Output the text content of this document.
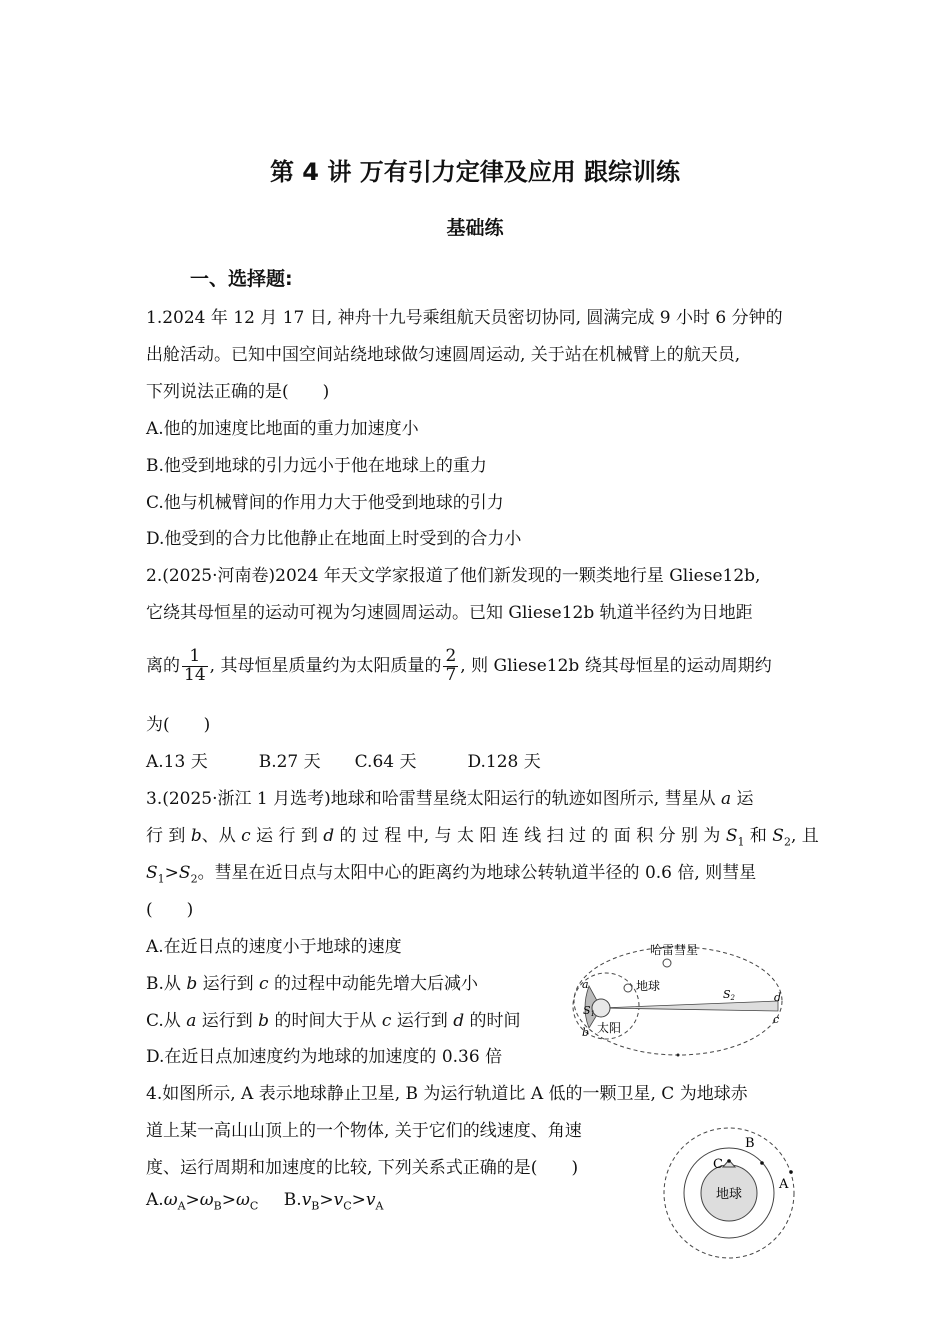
第 4 讲 万有引力定律及应用 跟综训练
基础练
一、选择题:
1.2024 年 12 月 17 日, 神舟十九号乘组航天员密切协同, 圆满完成 9 小时 6 分钟的
出舱活动。已知中国空间站绕地球做匀速圆周运动, 关于站在机械臂上的航天员,
下列说法正确的是(　　)
A.他的加速度比地面的重力加速度小
B.他受到地球的引力远小于他在地球上的重力
C.他与机械臂间的作用力大于他受到地球的引力
D.他受到的合力比他静止在地面上时受到的合力小
2.(2025·河南卷)2024 年天文学家报道了他们新发现的一颗类地行星 Gliese12b,
它绕其母恒星的运动可视为匀速圆周运动。已知 Gliese12b 轨道半径约为日地距
离的 $\frac{1}{14}$ , 其母恒星质量约为太阳质量的 $\frac{2}{7}$ , 则 Gliese12b 绕其母恒星的运动周期约
为(　　)
A.13 天　　　B.27 天　　C.64 天　　　D.128 天
3.(2025·浙江 1 月选考)地球和哈雷彗星绕太阳运行的轨迹如图所示, 彗星从 a 运
行 到 b、从 c 运 行 到 d 的 过 程 中, 与 太 阳 连 线 扫 过 的 面 积 分 别 为 $S_1$ 和 $S_2$, 且
$S_1>S_2$。彗星在近日点与太阳中心的距离约为地球公转轨道半径的 0.6 倍, 则彗星
(　　)
A.在近日点的速度小于地球的速度
B.从 b 运行到 c 的过程中动能先增大后减小
C.从 a 运行到 b 的时间大于从 c 运行到 d 的时间
D.在近日点加速度约为地球的加速度的 0.36 倍
哈雷彗星
地球
太阳
S1
S2
a
b
c
d
4.如图所示, A 表示地球静止卫星, B 为运行轨道比 A 低的一颗卫星, C 为地球赤
道上某一高山山顶上的一个物体, 关于它们的线速度、角速
度、运行周期和加速度的比较, 下列关系式正确的是(　　)
$A.\omega_A>\omega_B>\omega_C$   $B.v_B>v_C>v_A$
地球
C
B
A
